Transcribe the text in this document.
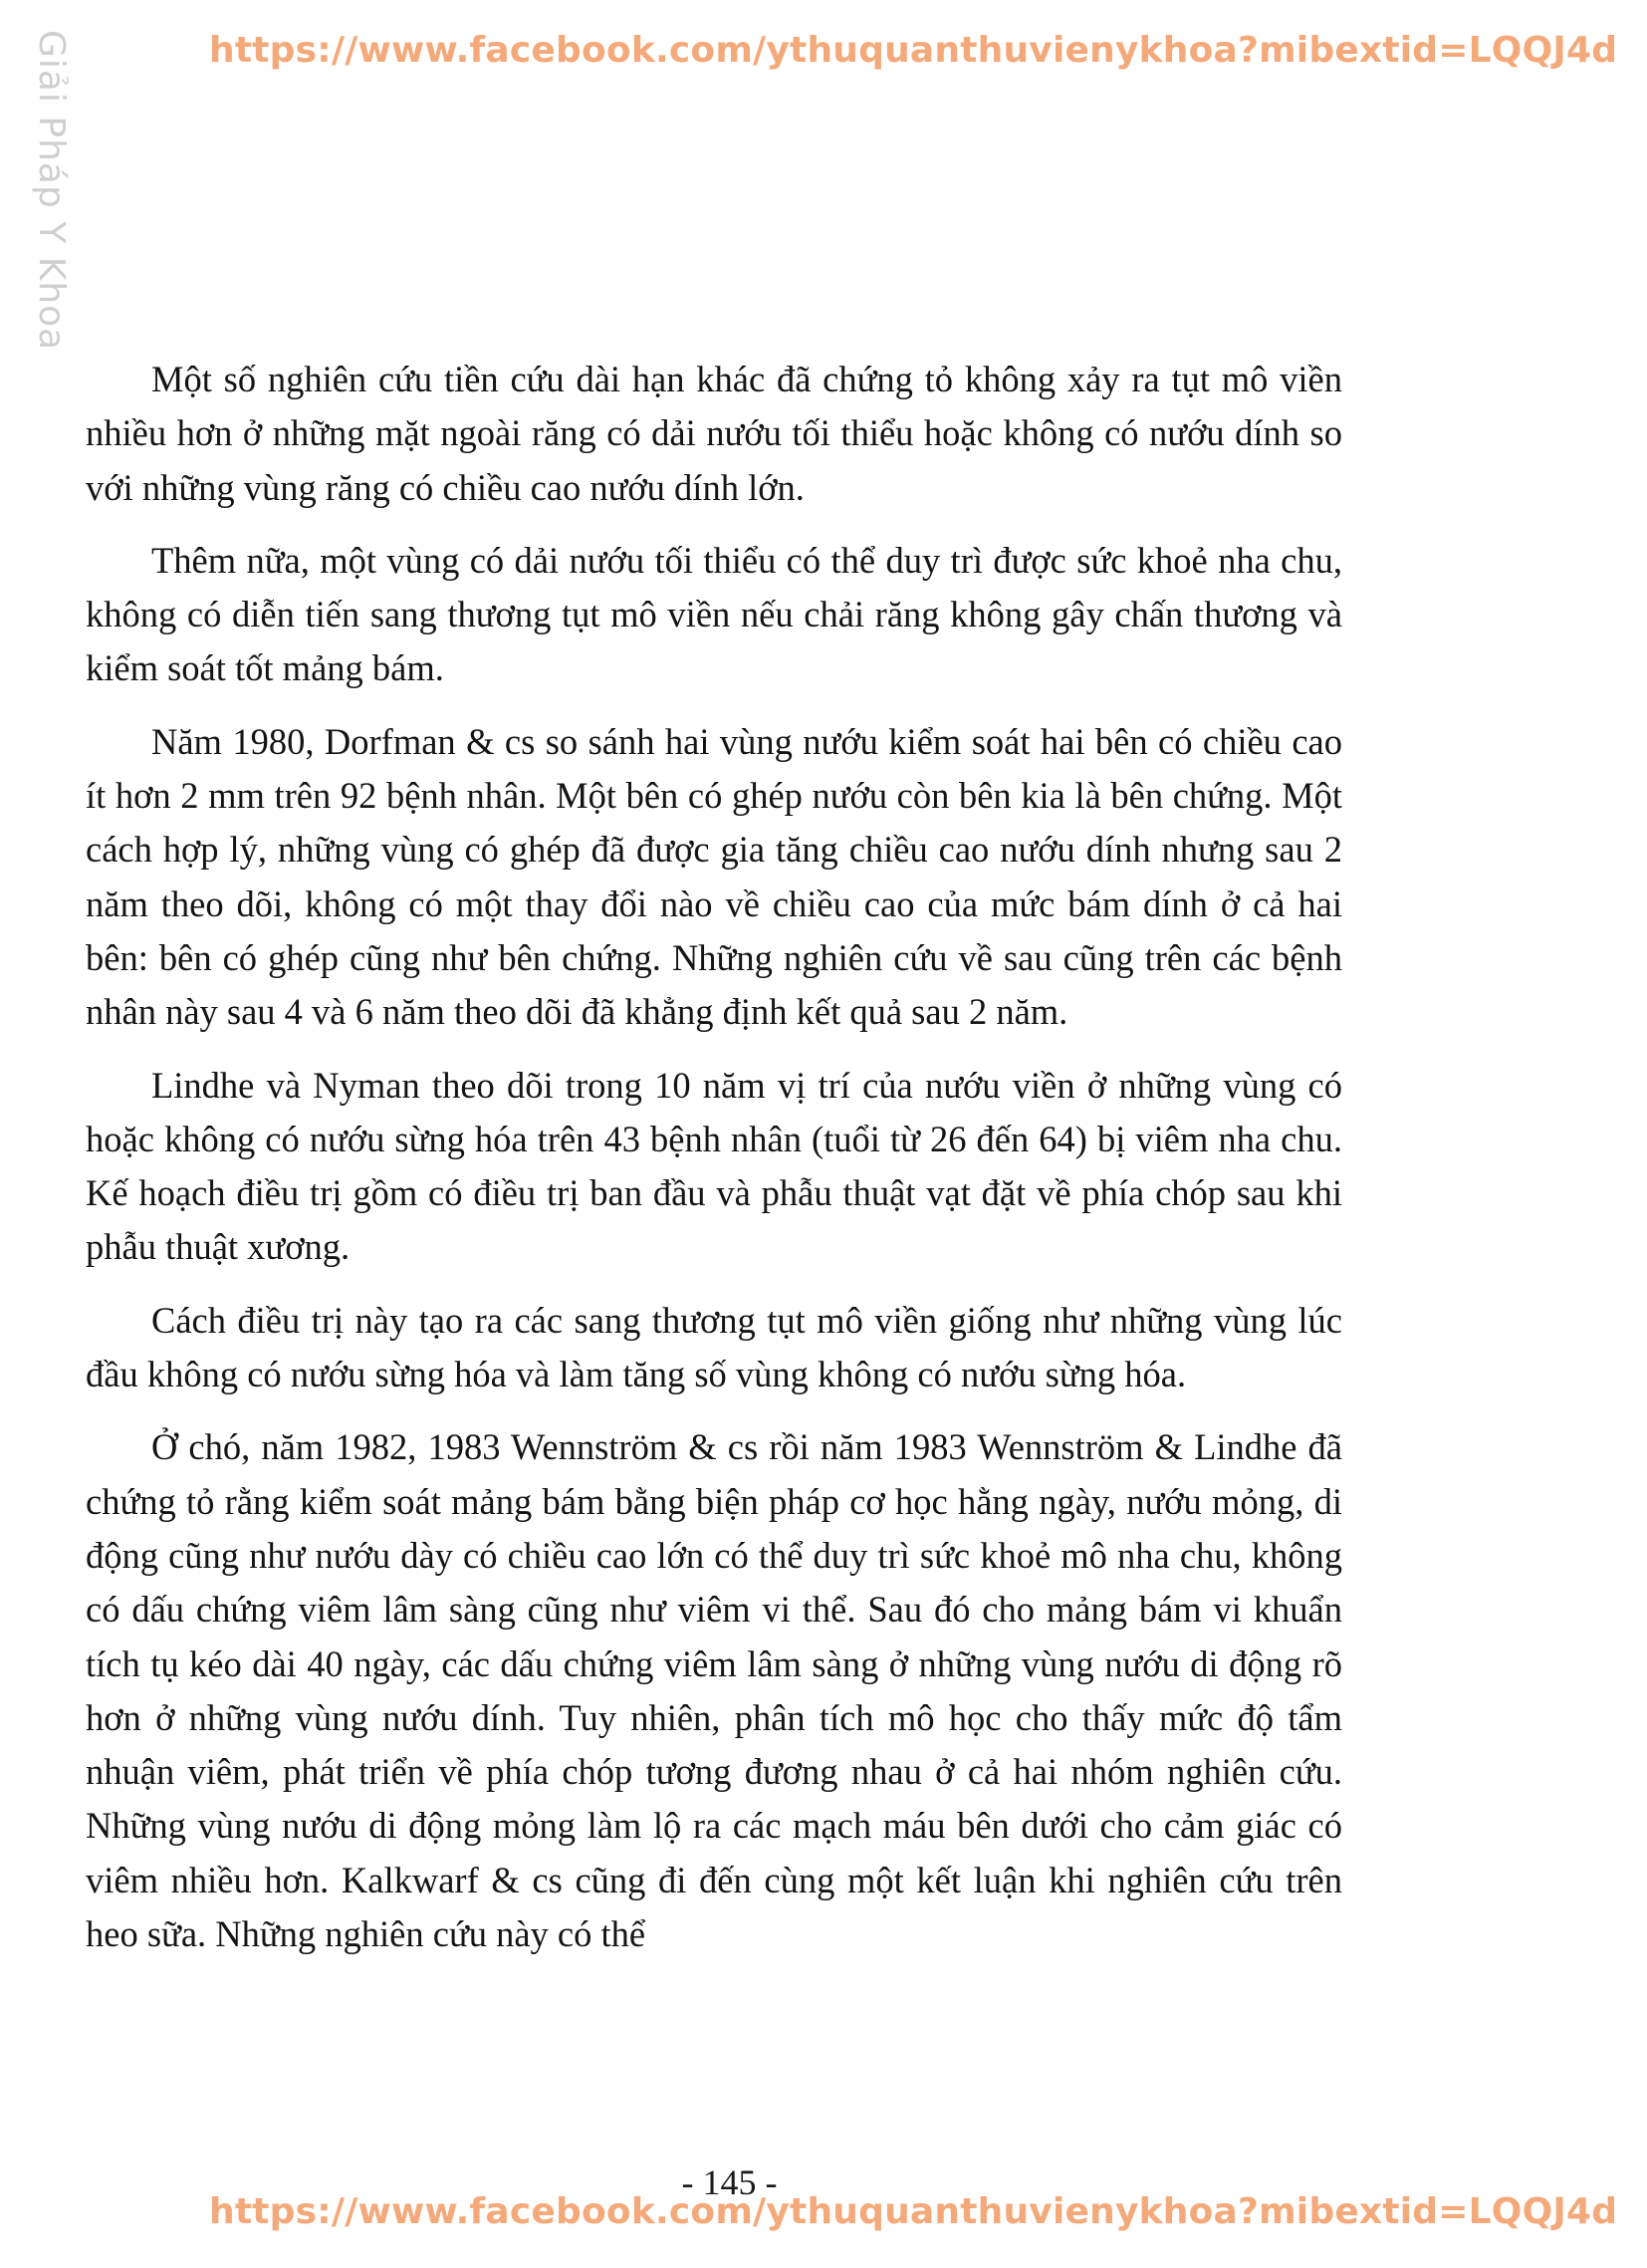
Giải Pháp Y Khoa	https://www.facebook.com/ythuquanthuvienykhoa?mibextid=LQQJ4d

Một số nghiên cứu tiền cứu dài hạn khác đã chứng tỏ không xảy ra tụt mô viền nhiều hơn ở những mặt ngoài răng có dải nướu tối thiểu hoặc không có nướu dính so với những vùng răng có chiều cao nướu dính lớn.

Thêm nữa, một vùng có dải nướu tối thiểu có thể duy trì được sức khoẻ nha chu, không có diễn tiến sang thương tụt mô viền nếu chải răng không gây chấn thương và kiểm soát tốt mảng bám.

Năm 1980, Dorfman & cs so sánh hai vùng nướu kiểm soát hai bên có chiều cao ít hơn 2 mm trên 92 bệnh nhân. Một bên có ghép nướu còn bên kia là bên chứng. Một cách hợp lý, những vùng có ghép đã được gia tăng chiều cao nướu dính nhưng sau 2 năm theo dõi, không có một thay đổi nào về chiều cao của mức bám dính ở cả hai bên: bên có ghép cũng như bên chứng. Những nghiên cứu về sau cũng trên các bệnh nhân này sau 4 và 6 năm theo dõi đã khẳng định kết quả sau 2 năm.

Lindhe và Nyman theo dõi trong 10 năm vị trí của nướu viền ở những vùng có hoặc không có nướu sừng hóa trên 43 bệnh nhân (tuổi từ 26 đến 64) bị viêm nha chu. Kế hoạch điều trị gồm có điều trị ban đầu và phẫu thuật vạt đặt về phía chóp sau khi phẫu thuật xương.

Cách điều trị này tạo ra các sang thương tụt mô viền giống như những vùng lúc đầu không có nướu sừng hóa và làm tăng số vùng không có nướu sừng hóa.

Ở chó, năm 1982, 1983 Wennström & cs rồi năm 1983 Wennström & Lindhe đã chứng tỏ rằng kiểm soát mảng bám bằng biện pháp cơ học hằng ngày, nướu mỏng, di động cũng như nướu dày có chiều cao lớn có thể duy trì sức khoẻ mô nha chu, không có dấu chứng viêm lâm sàng cũng như viêm vi thể. Sau đó cho mảng bám vi khuẩn tích tụ kéo dài 40 ngày, các dấu chứng viêm lâm sàng ở những vùng nướu di động rõ hơn ở những vùng nướu dính. Tuy nhiên, phân tích mô học cho thấy mức độ tẩm nhuận viêm, phát triển về phía chóp tương đương nhau ở cả hai nhóm nghiên cứu. Những vùng nướu di động mỏng làm lộ ra các mạch máu bên dưới cho cảm giác có viêm nhiều hơn. Kalkwarf & cs cũng đi đến cùng một kết luận khi nghiên cứu trên heo sữa. Những nghiên cứu này có thể

- 145 -
https://www.facebook.com/ythuquanthuvienykhoa?mibextid=LQQJ4d
